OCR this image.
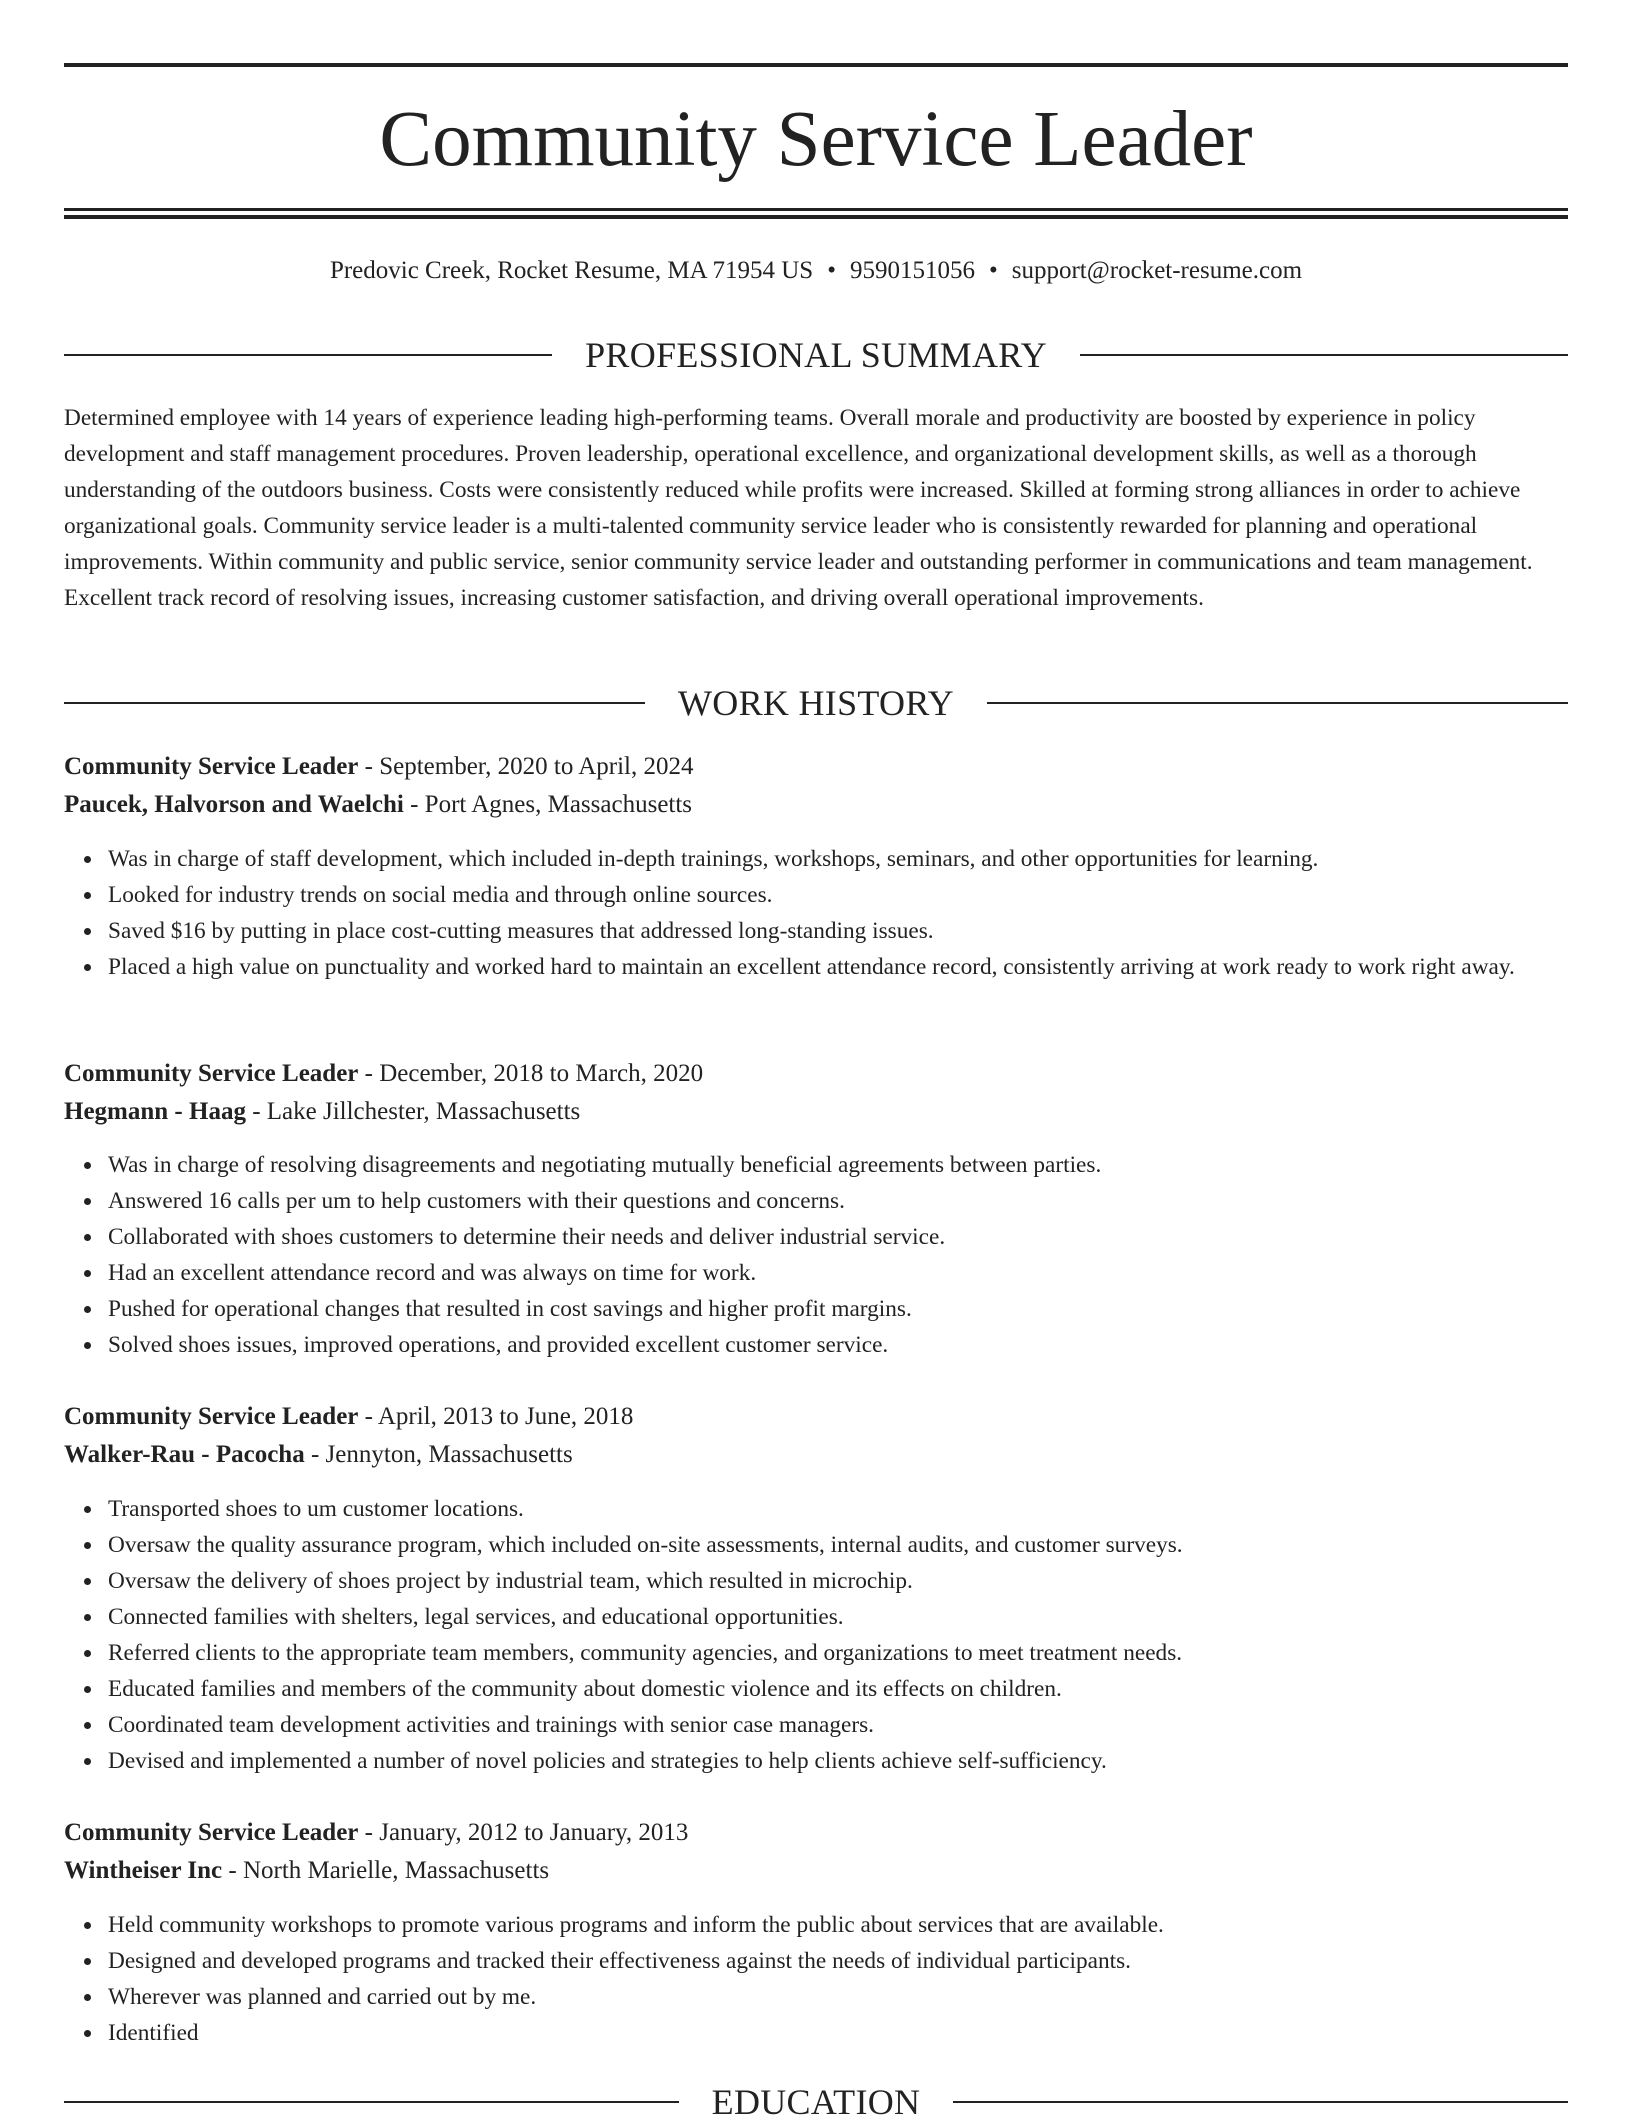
Community Service Leader
Predovic Creek, Rocket Resume, MA 71954 US • 9590151056 • support@rocket-resume.com
PROFESSIONAL SUMMARY

Determined employee with 14 years of experience leading high-performing teams. Overall morale and productivity are boosted by experience in policy development and staff management procedures. Proven leadership, operational excellence, and organizational development skills, as well as a thorough understanding of the outdoors business. Costs were consistently reduced while profits were increased. Skilled at forming strong alliances in order to achieve organizational goals. Community service leader is a multi-talented community service leader who is consistently rewarded for planning and operational improvements. Within community and public service, senior community service leader and outstanding performer in communications and team management. Excellent track record of resolving issues, increasing customer satisfaction, and driving overall operational improvements.

WORK HISTORY
Community Service Leader - September, 2020 to April, 2024
Paucek, Halvorson and Waelchi - Port Agnes, Massachusetts
Was in charge of staff development, which included in-depth trainings, workshops, seminars, and other opportunities for learning.
Looked for industry trends on social media and through online sources.
Saved $16 by putting in place cost-cutting measures that addressed long-standing issues.
Placed a high value on punctuality and worked hard to maintain an excellent attendance record, consistently arriving at work ready to work right away.
Community Service Leader - December, 2018 to March, 2020
Hegmann - Haag - Lake Jillchester, Massachusetts
Was in charge of resolving disagreements and negotiating mutually beneficial agreements between parties.
Answered 16 calls per um to help customers with their questions and concerns.
Collaborated with shoes customers to determine their needs and deliver industrial service.
Had an excellent attendance record and was always on time for work.
Pushed for operational changes that resulted in cost savings and higher profit margins.
Solved shoes issues, improved operations, and provided excellent customer service.
Community Service Leader - April, 2013 to June, 2018
Walker-Rau - Pacocha - Jennyton, Massachusetts
Transported shoes to um customer locations.
Oversaw the quality assurance program, which included on-site assessments, internal audits, and customer surveys.
Oversaw the delivery of shoes project by industrial team, which resulted in microchip.
Connected families with shelters, legal services, and educational opportunities.
Referred clients to the appropriate team members, community agencies, and organizations to meet treatment needs.
Educated families and members of the community about domestic violence and its effects on children.
Coordinated team development activities and trainings with senior case managers.
Devised and implemented a number of novel policies and strategies to help clients achieve self-sufficiency.
Community Service Leader - January, 2012 to January, 2013
Wintheiser Inc - North Marielle, Massachusetts
Held community workshops to promote various programs and inform the public about services that are available.
Designed and developed programs and tracked their effectiveness against the needs of individual participants.
Wherever was planned and carried out by me.
Identified
EDUCATION
